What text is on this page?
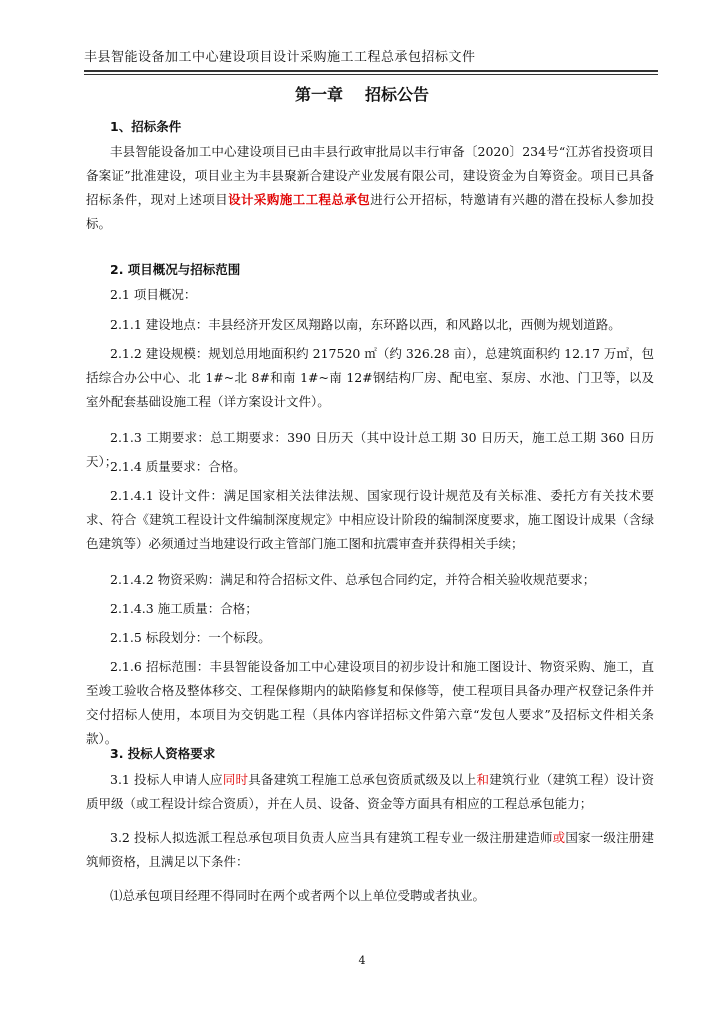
丰县智能设备加工中心建设项目设计采购施工工程总承包招标文件
第一章 招标公告
1、招标条件

丰县智能设备加工中心建设项目已由丰县行政审批局以丰行审备〔2020〕234号“江苏省投资项目备案证”批准建设，项目业主为丰县聚新合建设产业发展有限公司，建设资金为自筹资金。项目已具备招标条件，现对上述项目设计采购施工工程总承包进行公开招标，特邀请有兴趣的潜在投标人参加投标。

2. 项目概况与招标范围

2.1 项目概况：

2.1.1 建设地点：丰县经济开发区凤翔路以南，东环路以西，和风路以北，西侧为规划道路。

2.1.2 建设规模：规划总用地面积约 217520 ㎡（约 326.28 亩），总建筑面积约 12.17 万㎡，包括综合办公中心、北 1#~北 8#和南 1#~南 12#钢结构厂房、配电室、泵房、水池、门卫等，以及室外配套基础设施工程（详方案设计文件）。

2.1.3 工期要求：总工期要求：390 日历天（其中设计总工期 30 日历天，施工总工期 360 日历天）；

2.1.4 质量要求：合格。

2.1.4.1 设计文件：满足国家相关法律法规、国家现行设计规范及有关标准、委托方有关技术要求、符合《建筑工程设计文件编制深度规定》中相应设计阶段的编制深度要求，施工图设计成果（含绿色建筑等）必须通过当地建设行政主管部门施工图和抗震审查并获得相关手续；

2.1.4.2 物资采购：满足和符合招标文件、总承包合同约定，并符合相关验收规范要求；

2.1.4.3 施工质量：合格；

2.1.5 标段划分：一个标段。

2.1.6 招标范围：丰县智能设备加工中心建设项目的初步设计和施工图设计、物资采购、施工，直至竣工验收合格及整体移交、工程保修期内的缺陷修复和保修等，使工程项目具备办理产权登记条件并交付招标人使用，本项目为交钥匙工程（具体内容详招标文件第六章“发包人要求”及招标文件相关条款）。

3. 投标人资格要求

3.1 投标人申请人应同时具备建筑工程施工总承包资质贰级及以上和建筑行业（建筑工程）设计资质甲级（或工程设计综合资质），并在人员、设备、资金等方面具有相应的工程总承包能力；

3.2 投标人拟选派工程总承包项目负责人应当具有建筑工程专业一级注册建造师或国家一级注册建筑师资格，且满足以下条件：

⑴总承包项目经理不得同时在两个或者两个以上单位受聘或者执业。

4
